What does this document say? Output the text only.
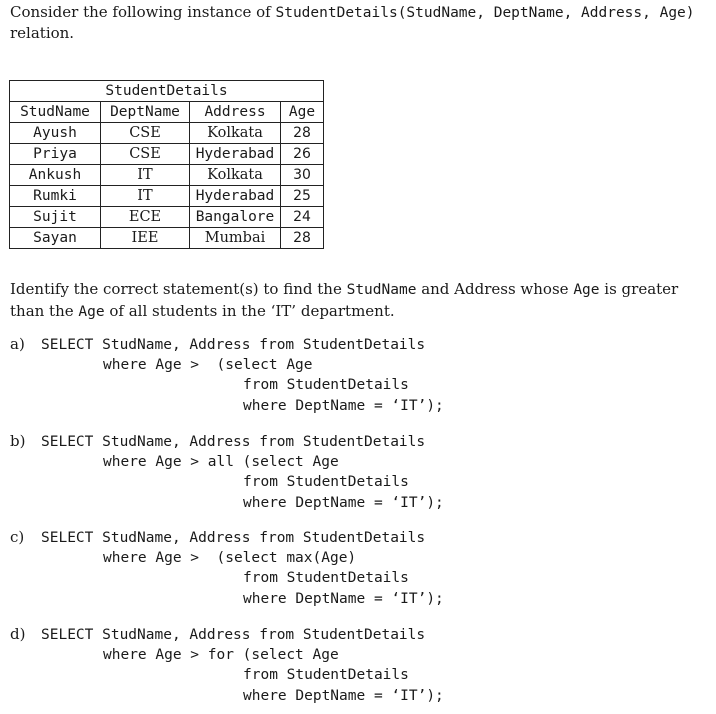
Consider the following instance of StudentDetails(StudName, DeptName, Address, Age)
relation.

StudentDetails			
StudName	DeptName	Address	Age
Ayush	CSE	Kolkata	28
Priya	CSE	Hyderabad	26
Ankush	IT	Kolkata	30
Rumki	IT	Hyderabad	25
Sujit	ECE	Bangalore	24
Sayan	IEE	Mumbai	28

Identify the correct statement(s) to find the StudName and Address whose Age is greater than the Age of all students in the ‘IT’ department.

a) SELECT StudName, Address from StudentDetails
where Age >  (select Age
from StudentDetails
where DeptName = ‘IT’);
b) SELECT StudName, Address from StudentDetails
where Age > all (select Age
from StudentDetails
where DeptName = ‘IT’);
c) SELECT StudName, Address from StudentDetails
where Age >  (select max(Age)
from StudentDetails
where DeptName = ‘IT’);
d) SELECT StudName, Address from StudentDetails
where Age > for (select Age
from StudentDetails
where DeptName = ‘IT’);
